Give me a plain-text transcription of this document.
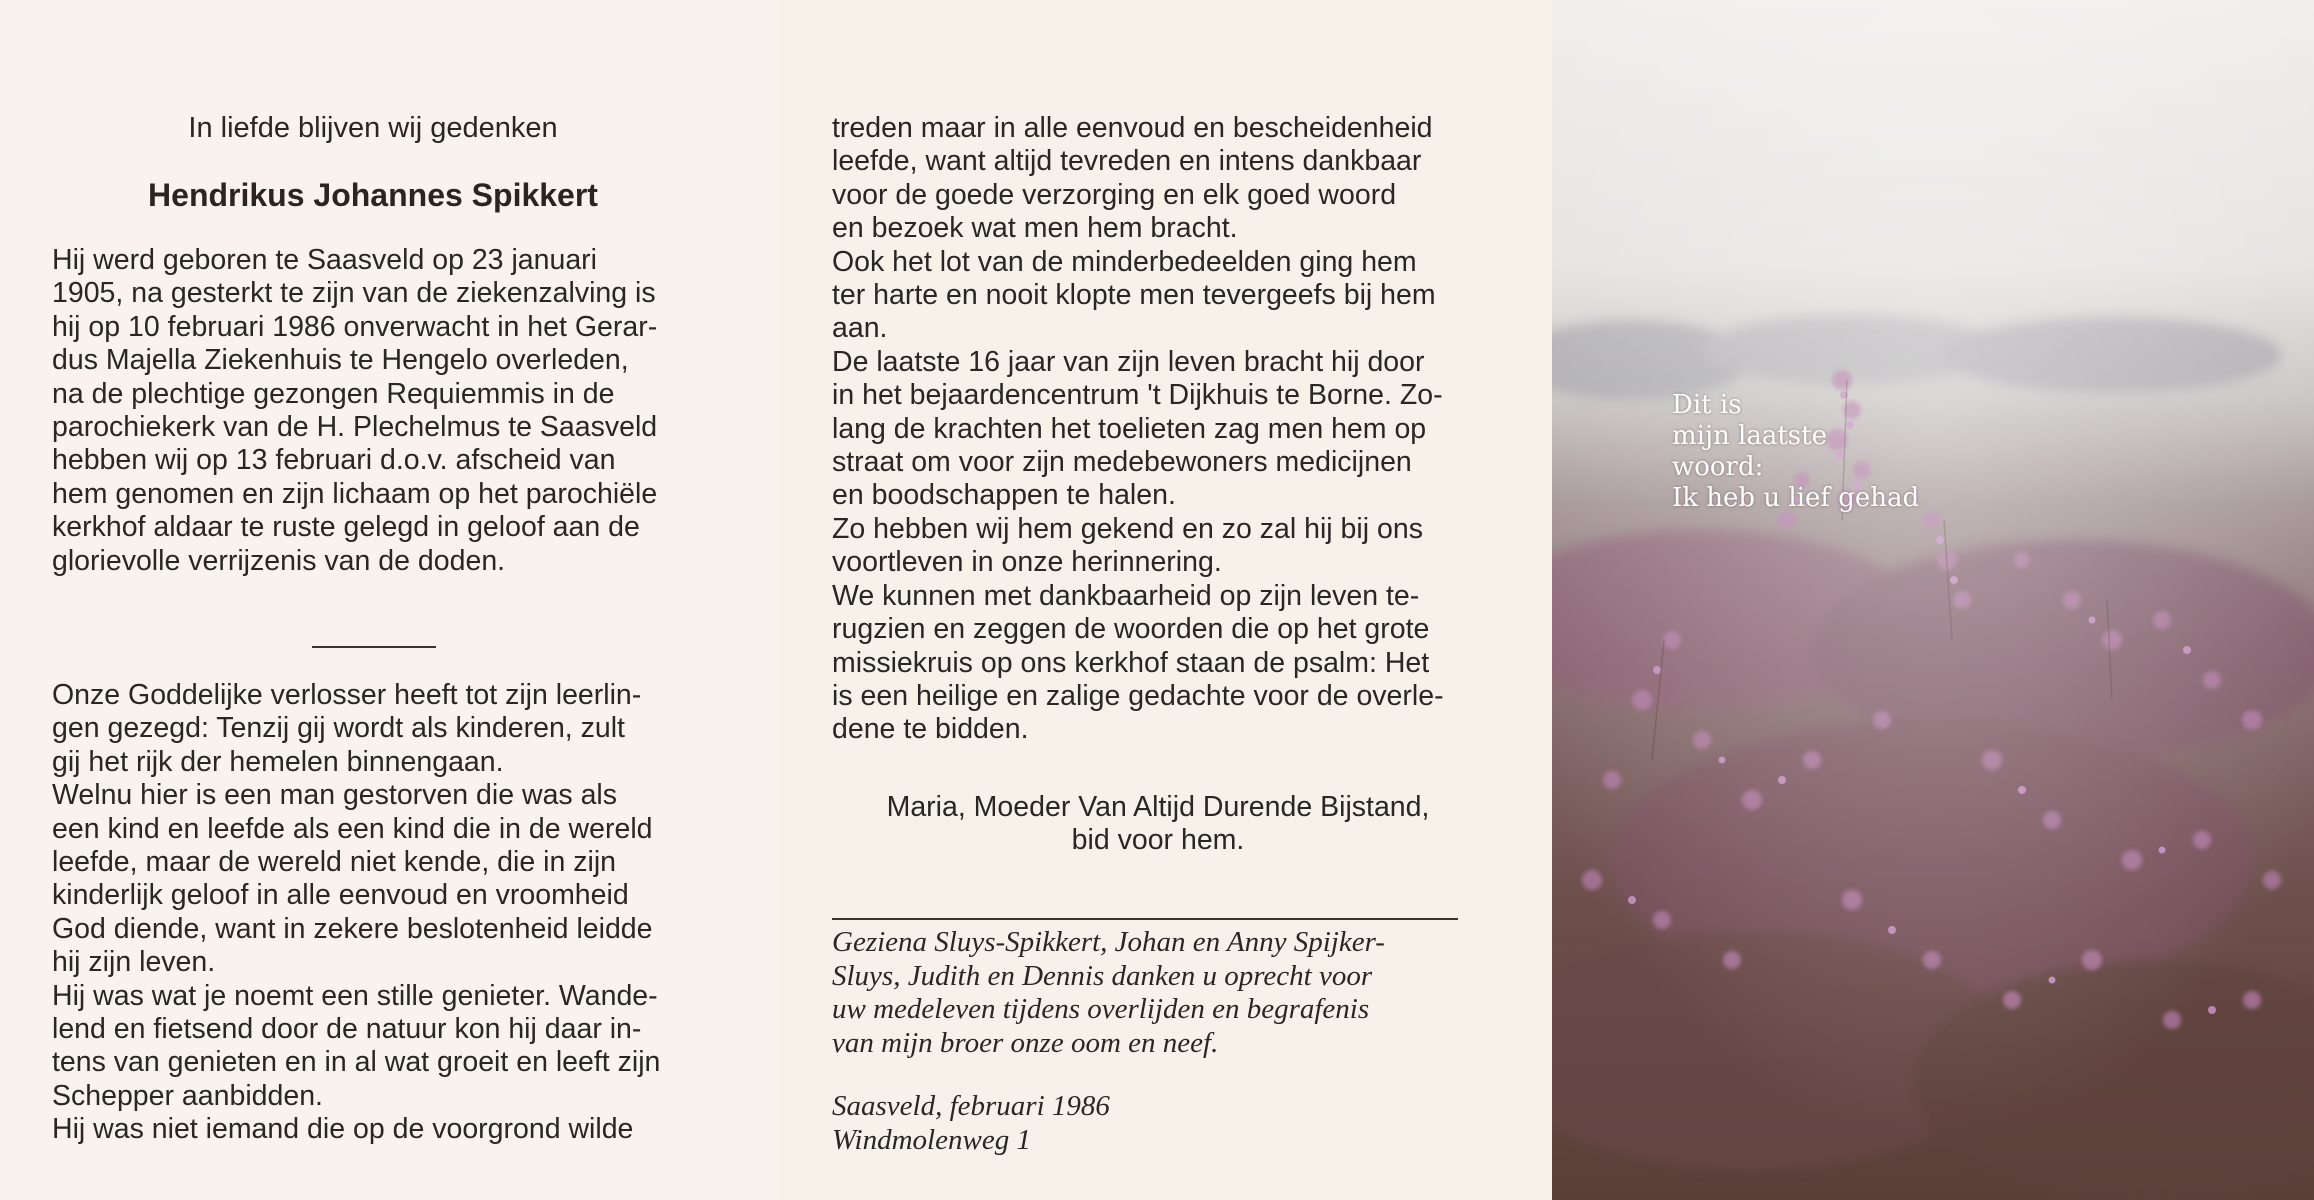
In liefde blijven wij gedenken
Hendrikus Johannes Spikkert

Hij werd geboren te Saasveld op 23 januari

1905, na gesterkt te zijn van de ziekenzalving is

hij op 10 februari 1986 onverwacht in het Gerar-

dus Majella Ziekenhuis te Hengelo overleden,

na de plechtige gezongen Requiemmis in de

parochiekerk van de H. Plechelmus te Saasveld

hebben wij op 13 februari d.o.v. afscheid van

hem genomen en zijn lichaam op het parochiële

kerkhof aldaar te ruste gelegd in geloof aan de

glorievolle verrijzenis van de doden.

Onze Goddelijke verlosser heeft tot zijn leerlin-

gen gezegd: Tenzij gij wordt als kinderen, zult

gij het rijk der hemelen binnengaan.

Welnu hier is een man gestorven die was als

een kind en leefde als een kind die in de wereld

leefde, maar de wereld niet kende, die in zijn

kinderlijk geloof in alle eenvoud en vroomheid

God diende, want in zekere beslotenheid leidde

hij zijn leven.

Hij was wat je noemt een stille genieter. Wande-

lend en fietsend door de natuur kon hij daar in-

tens van genieten en in al wat groeit en leeft zijn

Schepper aanbidden.

Hij was niet iemand die op de voorgrond wilde

treden maar in alle eenvoud en bescheidenheid

leefde, want altijd tevreden en intens dankbaar

voor de goede verzorging en elk goed woord

en bezoek wat men hem bracht.

Ook het lot van de minderbedeelden ging hem

ter harte en nooit klopte men tevergeefs bij hem

aan.

De laatste 16 jaar van zijn leven bracht hij door

in het bejaardencentrum 't Dijkhuis te Borne. Zo-

lang de krachten het toelieten zag men hem op

straat om voor zijn medebewoners medicijnen

en boodschappen te halen.

Zo hebben wij hem gekend en zo zal hij bij ons

voortleven in onze herinnering.

We kunnen met dankbaarheid op zijn leven te-

rugzien en zeggen de woorden die op het grote

missiekruis op ons kerkhof staan de psalm: Het

is een heilige en zalige gedachte voor de overle-

dene te bidden.

Maria, Moeder Van Altijd Durende Bijstand,
bid voor hem.

Geziena Sluys-Spikkert, Johan en Anny Spijker-

Sluys, Judith en Dennis danken u oprecht voor

uw medeleven tijdens overlijden en begrafenis

van mijn broer onze oom en neef.

Saasveld, februari 1986
Windmolenweg 1
Dit is
mijn laatste
woord:
Ik heb u lief gehad
